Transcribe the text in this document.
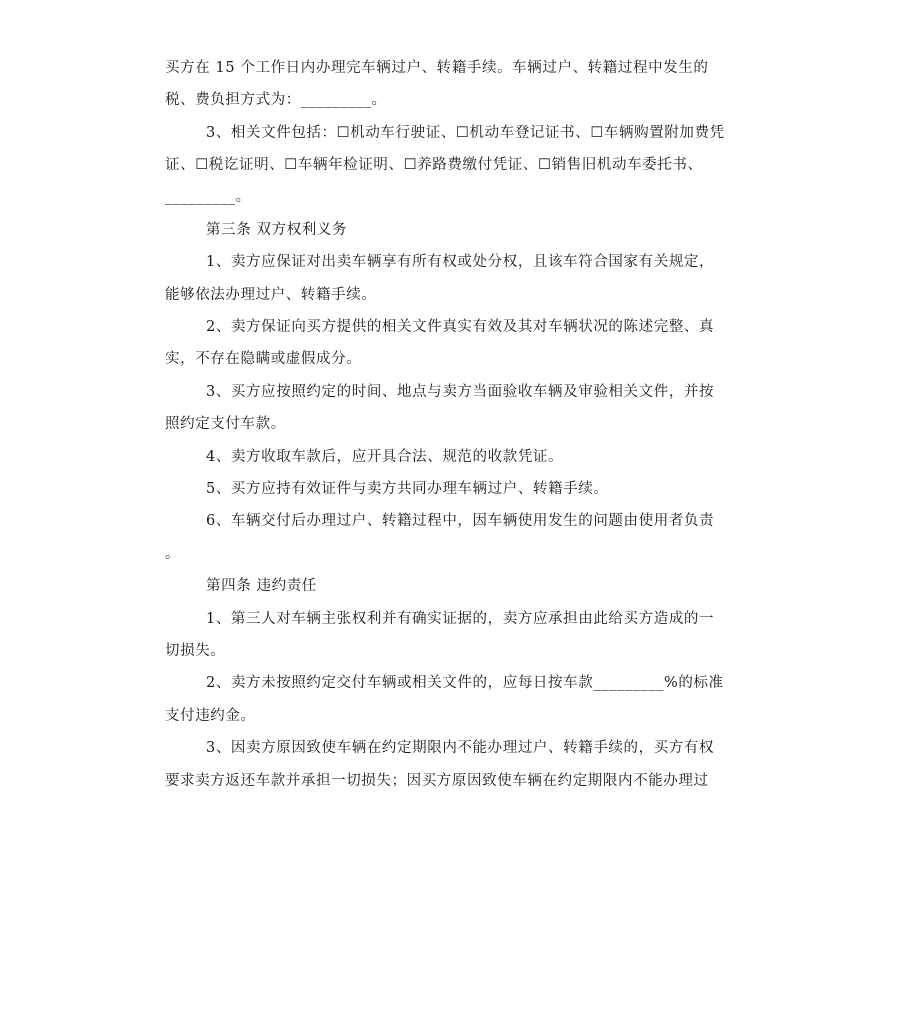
买方在 15 个工作日内办理完车辆过户、转籍手续。车辆过户、转籍过程中发生的
税、费负担方式为：_________。
3、相关文件包括：☐机动车行驶证、☐机动车登记证书、☐车辆购置附加费凭
证、☐税讫证明、☐车辆年检证明、☐养路费缴付凭证、☐销售旧机动车委托书、
_________。
第三条 双方权利义务
1、卖方应保证对出卖车辆享有所有权或处分权，且该车符合国家有关规定，
能够依法办理过户、转籍手续。
2、卖方保证向买方提供的相关文件真实有效及其对车辆状况的陈述完整、真
实，不存在隐瞒或虚假成分。
3、买方应按照约定的时间、地点与卖方当面验收车辆及审验相关文件，并按
照约定支付车款。
4、卖方收取车款后，应开具合法、规范的收款凭证。
5、买方应持有效证件与卖方共同办理车辆过户、转籍手续。
6、车辆交付后办理过户、转籍过程中，因车辆使用发生的问题由使用者负责
。
第四条 违约责任
1、第三人对车辆主张权利并有确实证据的，卖方应承担由此给买方造成的一
切损失。
2、卖方未按照约定交付车辆或相关文件的，应每日按车款_________%的标准
支付违约金。
3、因卖方原因致使车辆在约定期限内不能办理过户、转籍手续的，买方有权
要求卖方返还车款并承担一切损失；因买方原因致使车辆在约定期限内不能办理过
